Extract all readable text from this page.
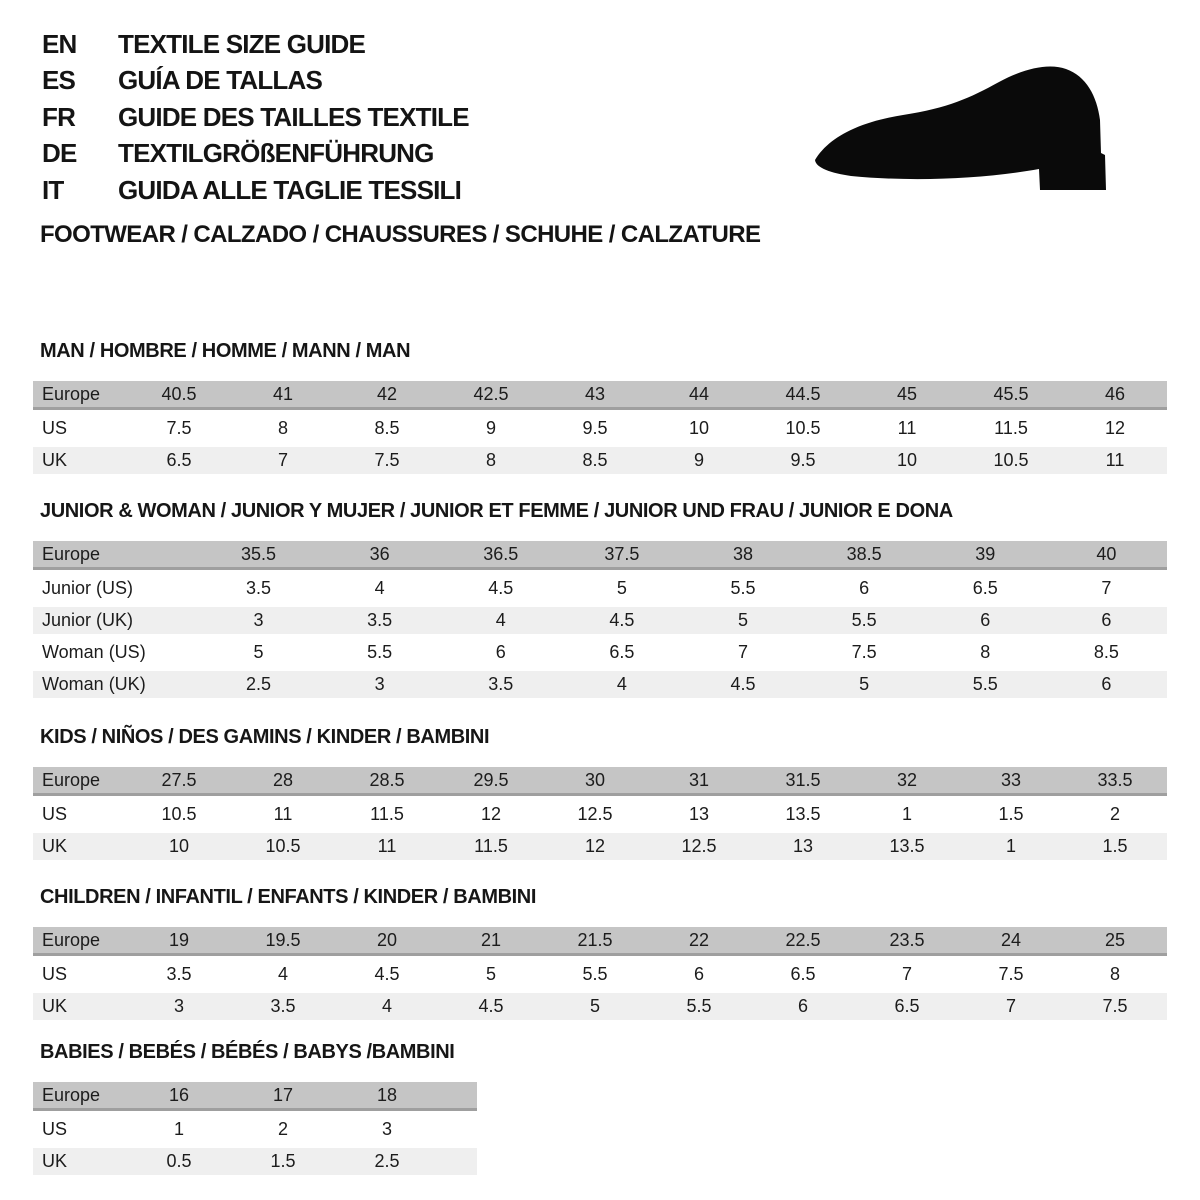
EN	TEXTILE SIZE GUIDE
ES	GUÍA DE TALLAS
FR	GUIDE DES TAILLES TEXTILE
DE	TEXTILGRÖßENFÜHRUNG
IT	GUIDA ALLE TAGLIE TESSILI
FOOTWEAR / CALZADO / CHAUSSURES / SCHUHE / CALZATURE
MAN / HOMBRE / HOMME / MANN / MAN
Europe	40.5	41	42	42.5	43	44	44.5	45	45.5	46
US	7.5	8	8.5	9	9.5	10	10.5	11	11.5	12
UK	6.5	7	7.5	8	8.5	9	9.5	10	10.5	11
JUNIOR & WOMAN / JUNIOR Y MUJER / JUNIOR ET FEMME / JUNIOR UND FRAU / JUNIOR E DONA
Europe	35.5	36	36.5	37.5	38	38.5	39	40
Junior (US)	3.5	4	4.5	5	5.5	6	6.5	7
Junior (UK)	3	3.5	4	4.5	5	5.5	6	6
Woman (US)	5	5.5	6	6.5	7	7.5	8	8.5
Woman (UK)	2.5	3	3.5	4	4.5	5	5.5	6
KIDS / NIÑOS / DES GAMINS / KINDER / BAMBINI
Europe	27.5	28	28.5	29.5	30	31	31.5	32	33	33.5
US	10.5	11	11.5	12	12.5	13	13.5	1	1.5	2
UK	10	10.5	11	11.5	12	12.5	13	13.5	1	1.5
CHILDREN / INFANTIL / ENFANTS / KINDER / BAMBINI
Europe	19	19.5	20	21	21.5	22	22.5	23.5	24	25
US	3.5	4	4.5	5	5.5	6	6.5	7	7.5	8
UK	3	3.5	4	4.5	5	5.5	6	6.5	7	7.5
BABIES / BEBÉS / BÉBÉS / BABYS /BAMBINI
Europe	16	17	18	
US	1	2	3	
UK	0.5	1.5	2.5	
